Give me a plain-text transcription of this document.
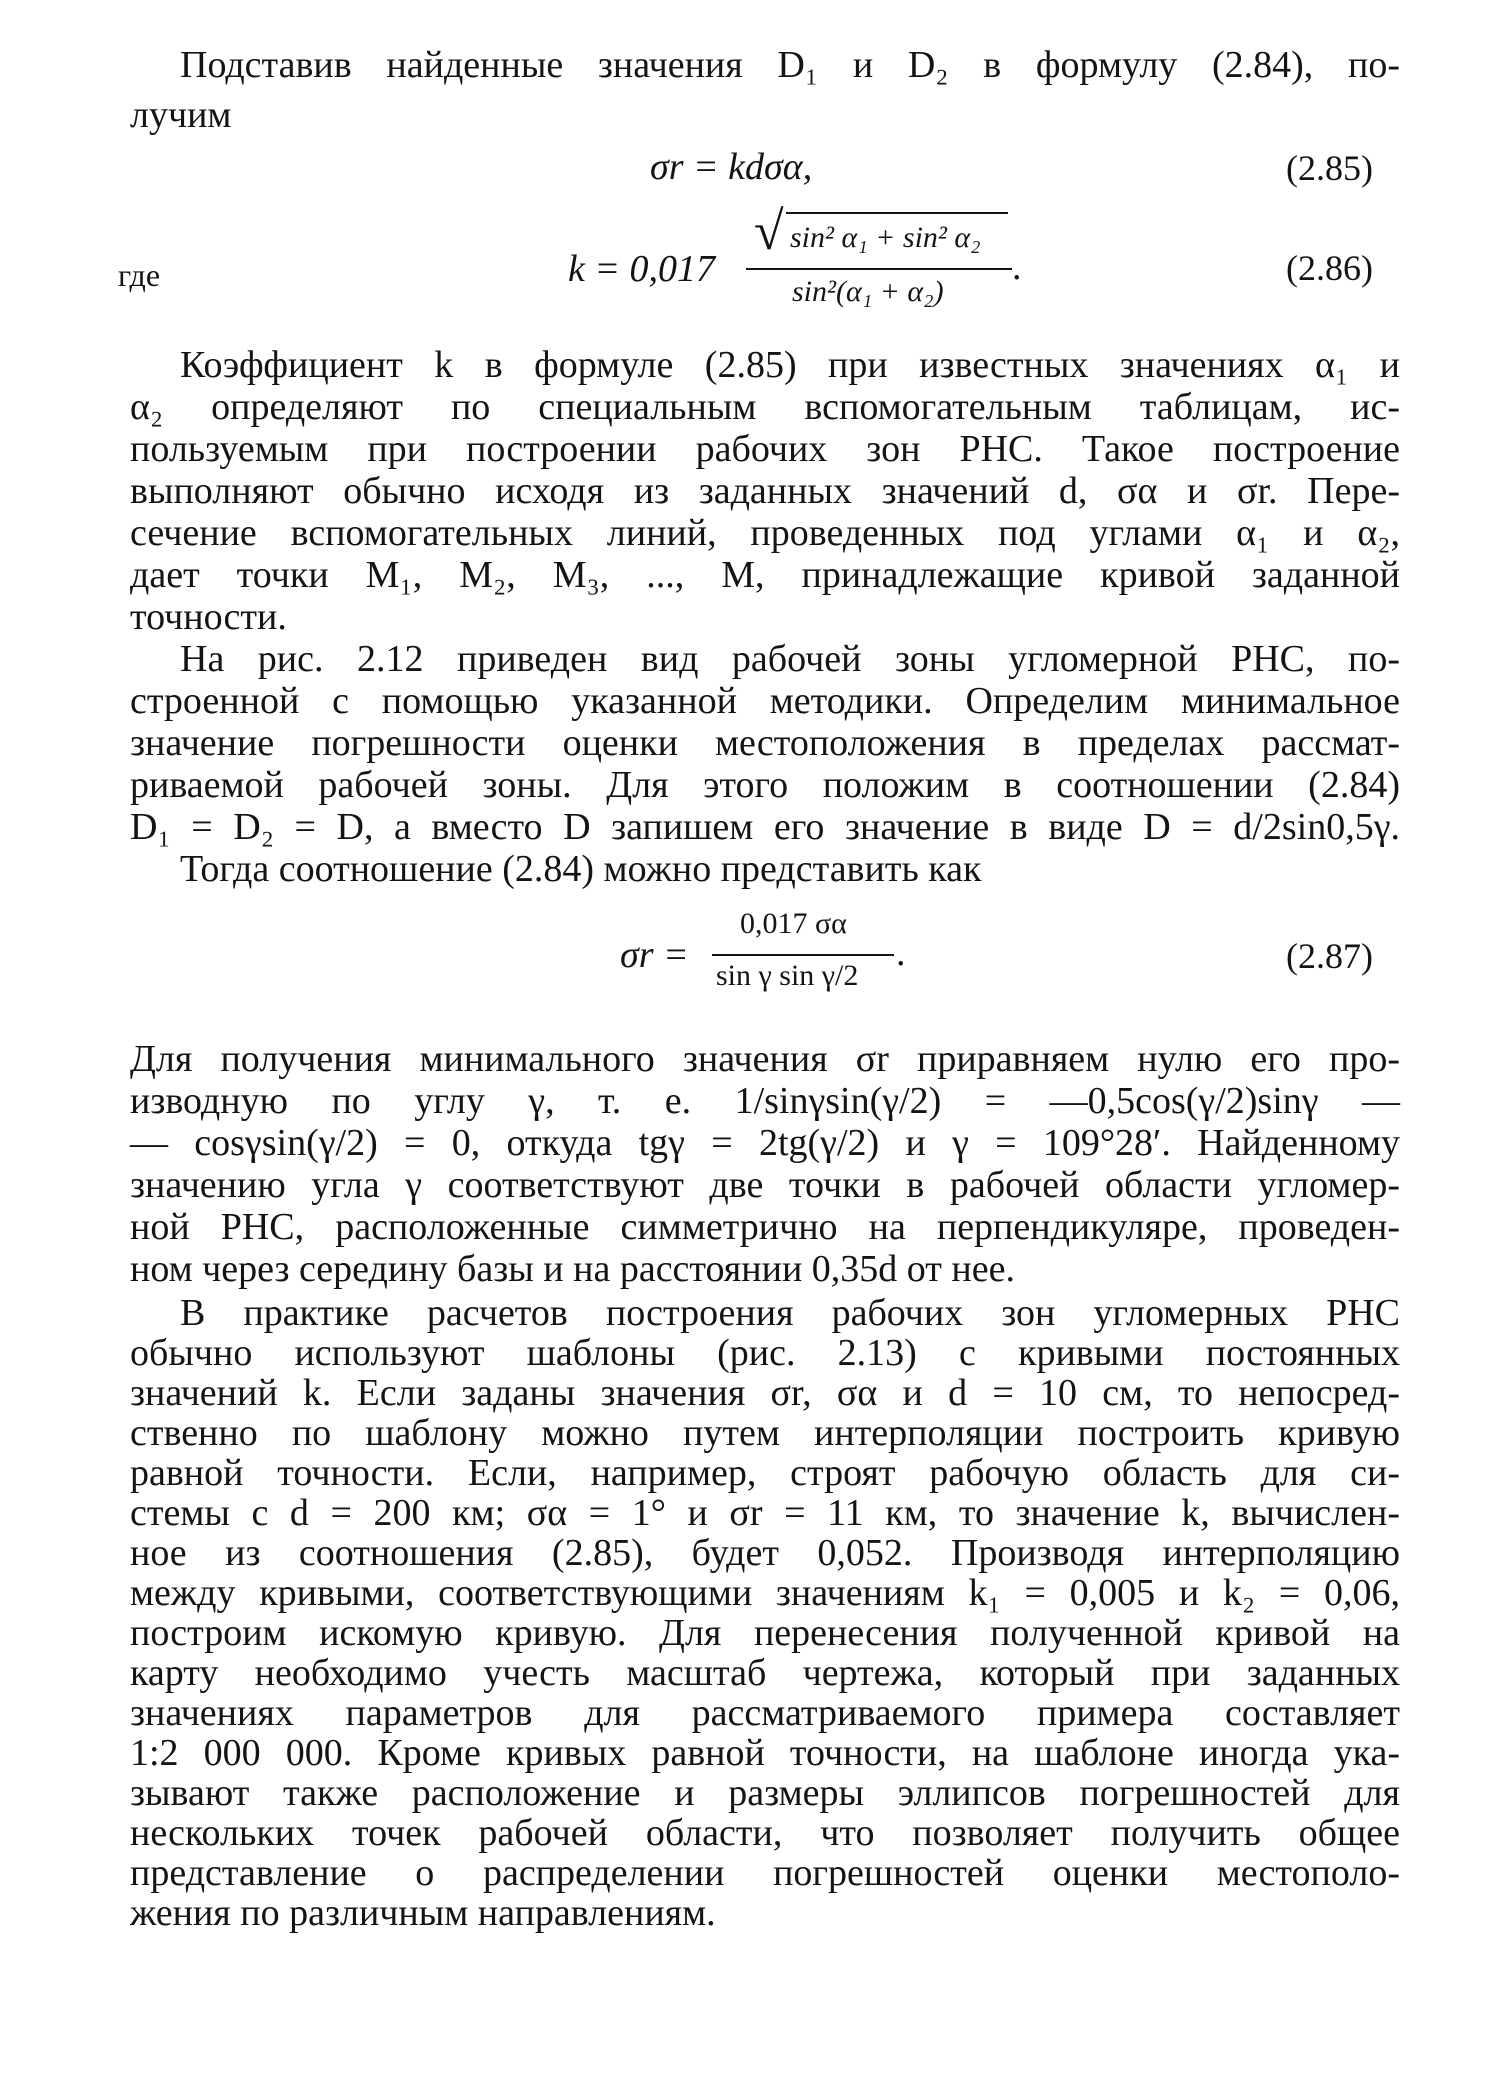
Подставив найденные значения D₁ и D₂ в формулу (2.84), по-
лучим
σr = kdσα,	(2.85)
где	k = 0,017
√ sin² α₁ + sin² α₂
sin²(α₁ + α₂)
.	(2.86)
Коэффициент k в формуле (2.85) при известных значениях α₁ и
α₂ определяют по специальным вспомогательным таблицам, ис-
пользуемым при построении рабочих зон РНС. Такое построение
выполняют обычно исходя из заданных значений d, σα и σr. Пере-
сечение вспомогательных линий, проведенных под углами α₁ и α₂,
дает точки M₁, M₂, M₃, ..., M, принадлежащие кривой заданной
точности.
На рис. 2.12 приведен вид рабочей зоны угломерной РНС, по-
строенной с помощью указанной методики. Определим минимальное
значение погрешности оценки местоположения в пределах рассмат-
риваемой рабочей зоны. Для этого положим в соотношении (2.84)
D₁ = D₂ = D, а вместо D запишем его значение в виде D = d/2sin0,5γ.
Тогда соотношение (2.84) можно представить как
σr =
0,017 σα
sin γ sin γ/2
.	(2.87)
Для получения минимального значения σr приравняем нулю его про-
изводную по углу γ, т. е. 1/sinγsin(γ/2) = —0,5cos(γ/2)sinγ —
— cosγsin(γ/2) = 0, откуда tgγ = 2tg(γ/2) и γ = 109°28′. Найденному
значению угла γ соответствуют две точки в рабочей области угломер-
ной РНС, расположенные симметрично на перпендикуляре, проведен-
ном через середину базы и на расстоянии 0,35d от нее.
В практике расчетов построения рабочих зон угломерных РНС
обычно используют шаблоны (рис. 2.13) с кривыми постоянных
значений k. Если заданы значения σr, σα и d = 10 см, то непосред-
ственно по шаблону можно путем интерполяции построить кривую
равной точности. Если, например, строят рабочую область для си-
стемы с d = 200 км; σα = 1° и σr = 11 км, то значение k, вычислен-
ное из соотношения (2.85), будет 0,052. Производя интерполяцию
между кривыми, соответствующими значениям k₁ = 0,005 и k₂ = 0,06,
построим искомую кривую. Для перенесения полученной кривой на
карту необходимо учесть масштаб чертежа, который при заданных
значениях параметров для рассматриваемого примера составляет
1:2 000 000. Кроме кривых равной точности, на шаблоне иногда ука-
зывают также расположение и размеры эллипсов погрешностей для
нескольких точек рабочей области, что позволяет получить общее
представление о распределении погрешностей оценки местополо-
жения по различным направлениям.
